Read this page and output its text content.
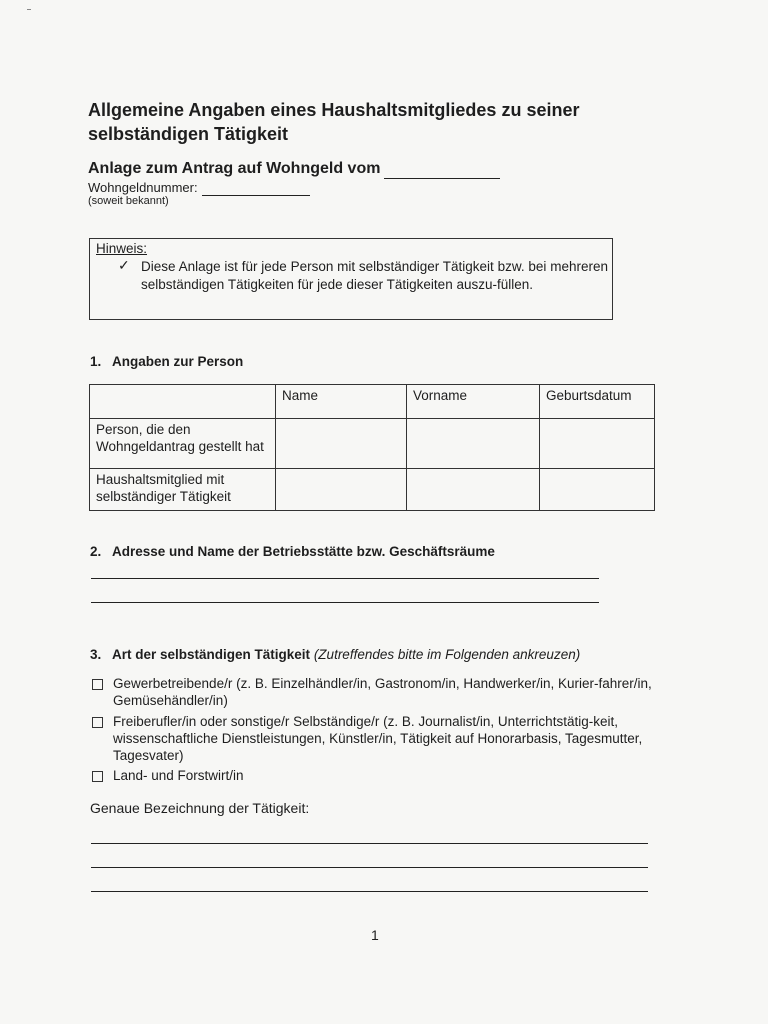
Allgemeine Angaben eines Haushaltsmitgliedes zu seiner selbständigen Tätigkeit
Anlage zum Antrag auf Wohngeld vom
Wohngeldnummer:
(soweit bekannt)
Hinweis:
✓ Diese Anlage ist für jede Person mit selbständiger Tätigkeit bzw. bei mehreren selbständigen Tätigkeiten für jede dieser Tätigkeiten auszu-füllen.
1. Angaben zur Person
	Name	Vorname	Geburtsdatum
Person, die den Wohngeldantrag gestellt hat			
Haushaltsmitglied mit selbständiger Tätigkeit			
2. Adresse und Name der Betriebsstätte bzw. Geschäftsräume
3. Art der selbständigen Tätigkeit (Zutreffendes bitte im Folgenden ankreuzen)
Gewerbetreibende/r (z. B. Einzelhändler/in, Gastronom/in, Handwerker/in, Kurier-fahrer/in, Gemüsehändler/in)
Freiberufler/in oder sonstige/r Selbständige/r (z. B. Journalist/in, Unterrichtstätig-keit, wissenschaftliche Dienstleistungen, Künstler/in, Tätigkeit auf Honorarbasis, Tagesmutter, Tagesvater)
Land- und Forstwirt/in
Genaue Bezeichnung der Tätigkeit:
1
